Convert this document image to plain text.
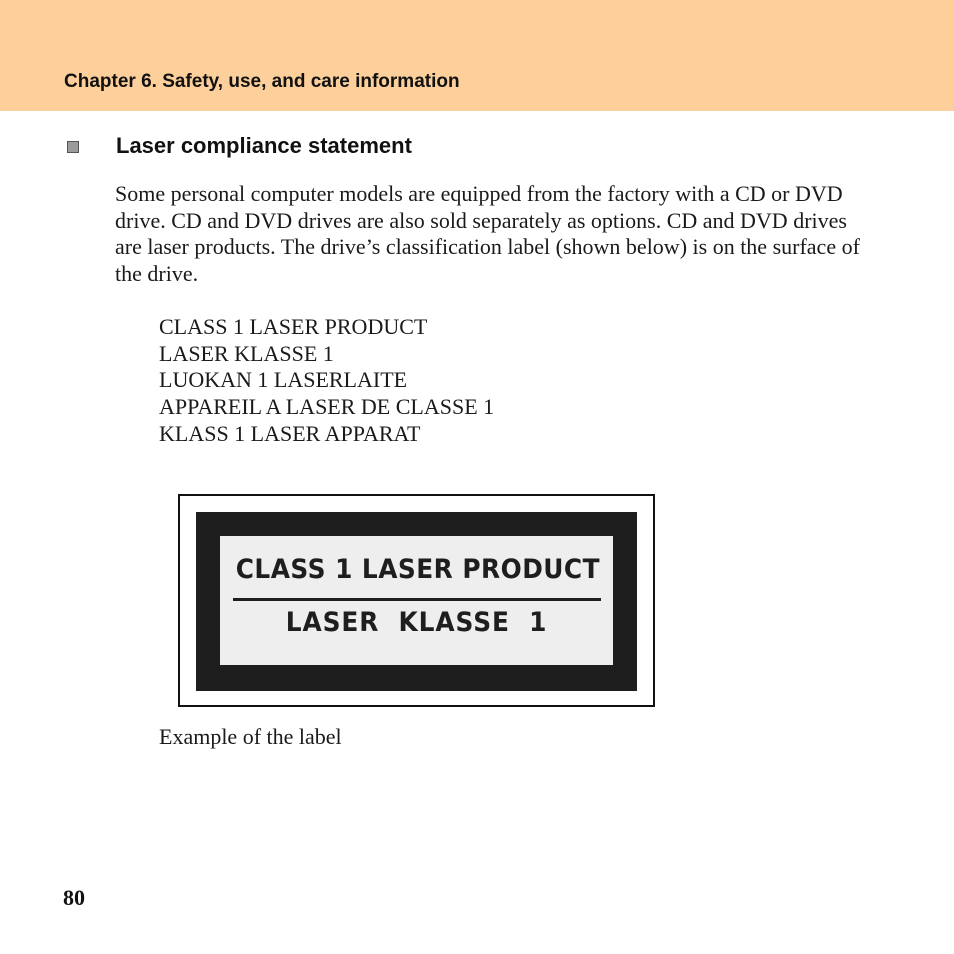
Chapter 6. Safety, use, and care information
Laser compliance statement
Some personal computer models are equipped from the factory with a CD or DVD drive. CD and DVD drives are also sold separately as options. CD and DVD drives are laser products. The drive’s classification label (shown below) is on the surface of the drive.
CLASS 1 LASER PRODUCT
LASER KLASSE 1
LUOKAN 1 LASERLAITE
APPAREIL A LASER DE CLASSE 1
KLASS 1 LASER APPARAT
CLASS 1 LASER PRODUCT
LASER  KLASSE  1
Example of the label
80
